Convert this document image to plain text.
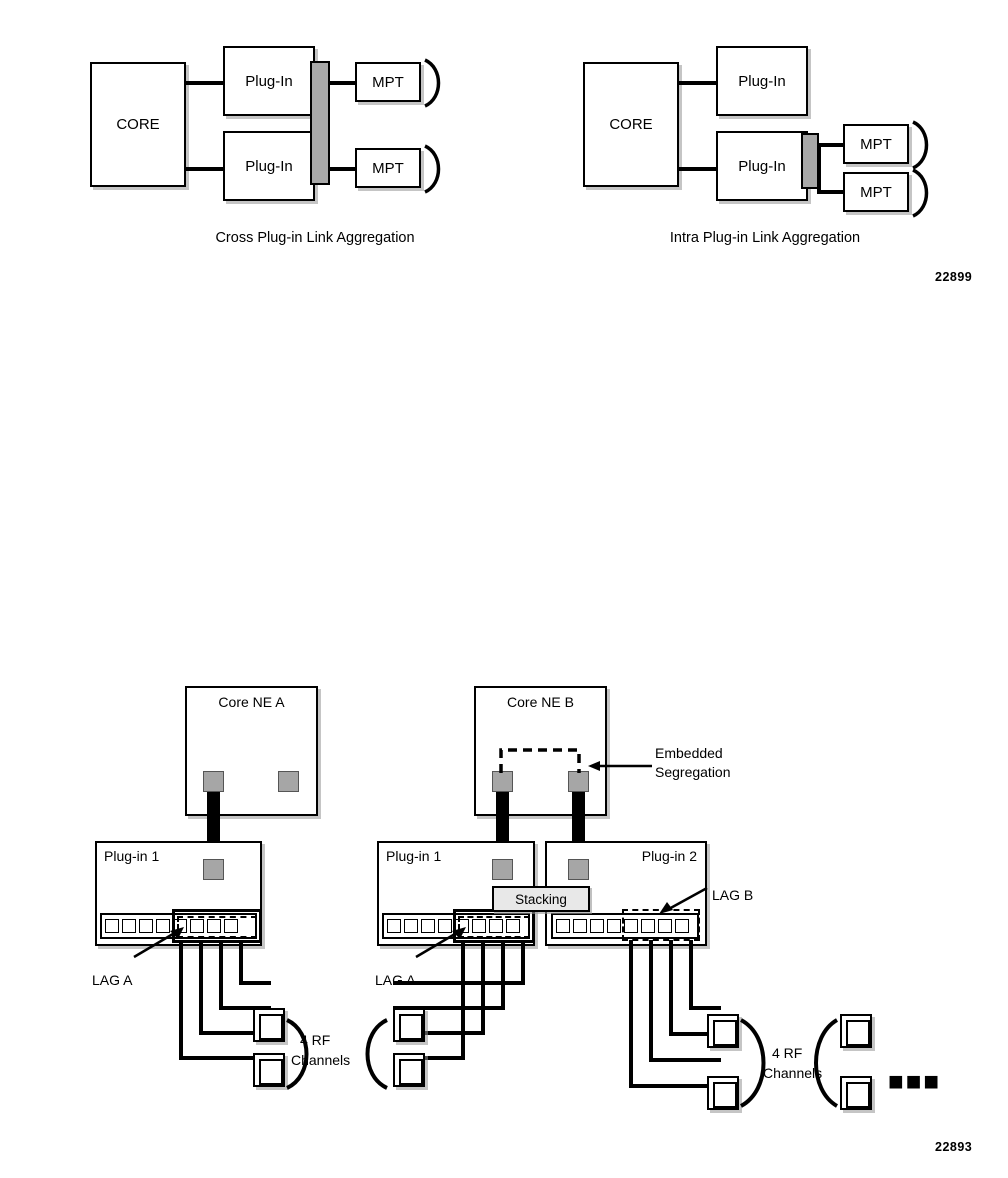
CORE
Plug-In
Plug-In
MPT
MPT
Cross Plug-in Link Aggregation
CORE
Plug-In
Plug-In
MPT
MPT
Intra Plug-in Link Aggregation
22899
Core NE A	Core NE B
Embedded
Segregation
Plug-in 1
LAG A
Plug-in 1
LAG A
Plug-in 2
LAG B
Stacking
4 RF
Channels	4 RF
Channels	■■■
22893
